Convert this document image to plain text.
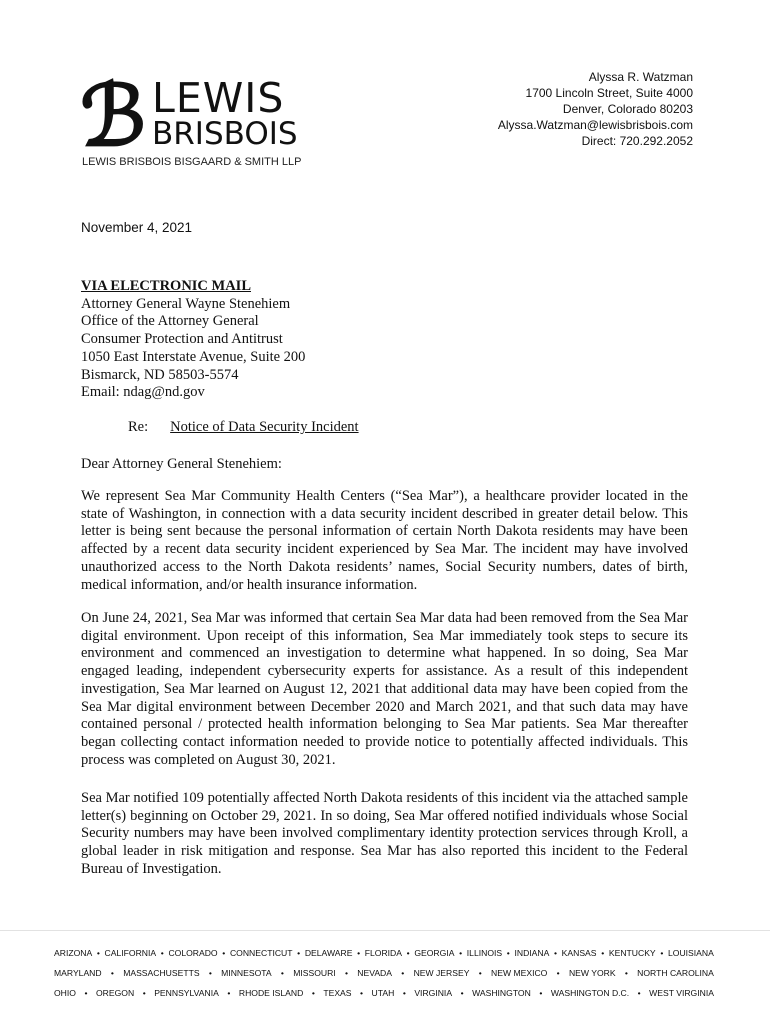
ℬ LEWIS
BRISBOIS
LEWIS BRISBOIS BISGAARD & SMITH LLP
Alyssa R. Watzman
1700 Lincoln Street, Suite 4000
Denver, Colorado 80203
Alyssa.Watzman@lewisbrisbois.com
Direct: 720.292.2052
November 4, 2021
VIA ELECTRONIC MAIL
Attorney General Wayne Stenehiem
Office of the Attorney General
Consumer Protection and Antitrust
1050 East Interstate Avenue, Suite 200
Bismarck, ND 58503-5574
Email: ndag@nd.gov
Re: Notice of Data Security Incident
Dear Attorney General Stenehiem:

We represent Sea Mar Community Health Centers (“Sea Mar”), a healthcare provider located in the state of Washington, in connection with a data security incident described in greater detail below. This letter is being sent because the personal information of certain North Dakota residents may have been affected by a recent data security incident experienced by Sea Mar. The incident may have involved unauthorized access to the North Dakota residents’ names, Social Security numbers, dates of birth, medical information, and/or health insurance information.

On June 24, 2021, Sea Mar was informed that certain Sea Mar data had been removed from the Sea Mar digital environment. Upon receipt of this information, Sea Mar immediately took steps to secure its environment and commenced an investigation to determine what happened. In so doing, Sea Mar engaged leading, independent cybersecurity experts for assistance. As a result of this independent investigation, Sea Mar learned on August 12, 2021 that additional data may have been copied from the Sea Mar digital environment between December 2020 and March 2021, and that such data may have contained personal / protected health information belonging to Sea Mar patients. Sea Mar thereafter began collecting contact information needed to provide notice to potentially affected individuals. This process was completed on August 30, 2021.

Sea Mar notified 109 potentially affected North Dakota residents of this incident via the attached sample letter(s) beginning on October 29, 2021. In so doing, Sea Mar offered notified individuals whose Social Security numbers may have been involved complimentary identity protection services through Kroll, a global leader in risk mitigation and response. Sea Mar has also reported this incident to the Federal Bureau of Investigation.

ARIZONA • CALIFORNIA • COLORADO • CONNECTICUT • DELAWARE • FLORIDA • GEORGIA • ILLINOIS • INDIANA • KANSAS • KENTUCKY • LOUISIANA
MARYLAND • MASSACHUSETTS • MINNESOTA • MISSOURI • NEVADA • NEW JERSEY • NEW MEXICO • NEW YORK • NORTH CAROLINA
OHIO • OREGON • PENNSYLVANIA • RHODE ISLAND • TEXAS • UTAH • VIRGINIA • WASHINGTON • WASHINGTON D.C. • WEST VIRGINIA
